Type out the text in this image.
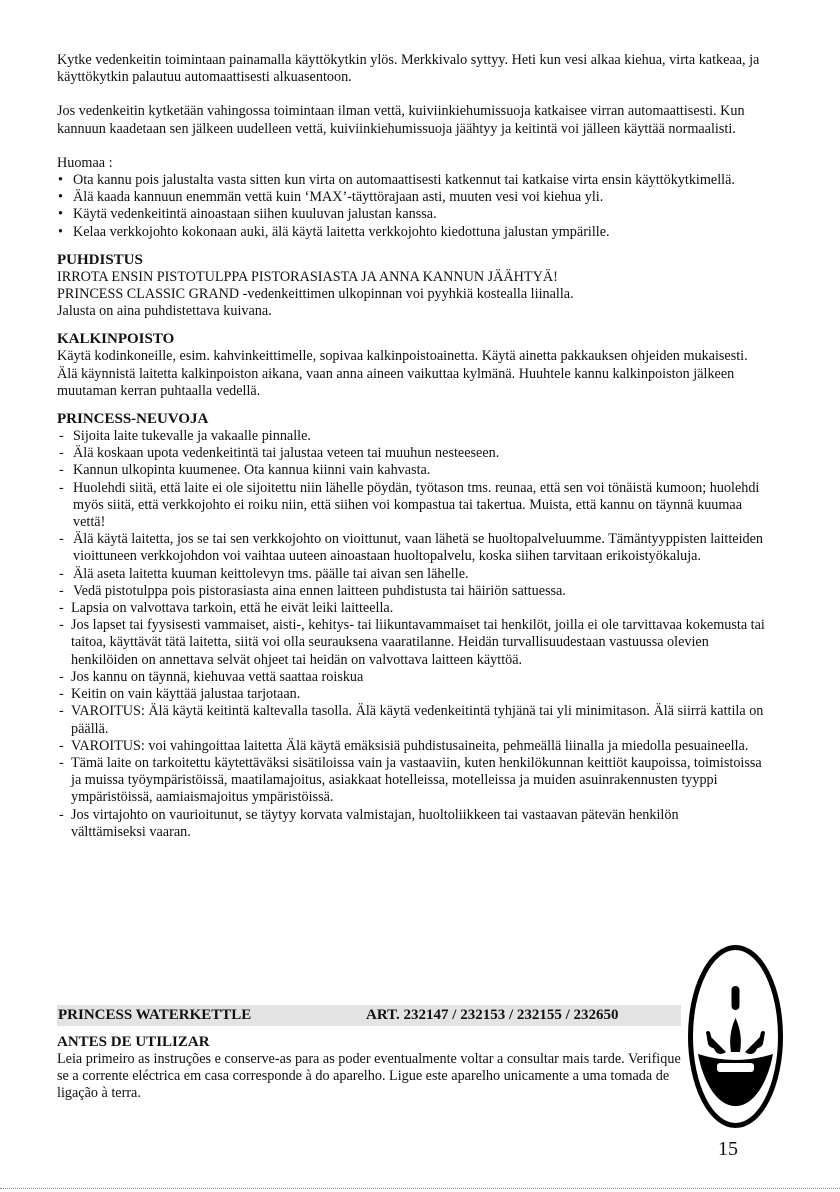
Kytke vedenkeitin toimintaan painamalla käyttökytkin ylös. Merkkivalo syttyy. Heti kun vesi alkaa kiehua, virta katkeaa, ja käyttökytkin palautuu automaattisesti alkuasentoon.

Jos vedenkeitin kytketään vahingossa toimintaan ilman vettä, kuiviinkiehumissuoja katkaisee virran automaattisesti. Kun kannuun kaadetaan sen jälkeen uudelleen vettä, kuiviinkiehumissuoja jäähtyy ja keitintä voi jälleen käyttää normaalisti.

Huomaa :

• Ota kannu pois jalustalta vasta sitten kun virta on automaattisesti katkennut tai katkaise virta ensin käyttökytkimellä.
• Älä kaada kannuun enemmän vettä kuin ‘MAX’-täyttörajaan asti, muuten vesi voi kiehua yli.
• Käytä vedenkeitintä ainoastaan siihen kuuluvan jalustan kanssa.
• Kelaa verkkojohto kokonaan auki, älä käytä laitetta verkkojohto kiedottuna jalustan ympärille.

PUHDISTUS

IRROTA ENSIN PISTOTULPPA PISTORASIASTA JA ANNA KANNUN JÄÄHTYÄ!

PRINCESS CLASSIC GRAND -vedenkeittimen ulkopinnan voi pyyhkiä kostealla liinalla.

Jalusta on aina puhdistettava kuivana.

KALKINPOISTO

Käytä kodinkoneille, esim. kahvinkeittimelle, sopivaa kalkinpoistoainetta. Käytä ainetta pakkauksen ohjeiden mukaisesti. Älä käynnistä laitetta kalkinpoiston aikana, vaan anna aineen vaikuttaa kylmänä. Huuhtele kannu kalkinpoiston jälkeen muutaman kerran puhtaalla vedellä.

PRINCESS-NEUVOJA

- Sijoita laite tukevalle ja vakaalle pinnalle.
- Älä koskaan upota vedenkeitintä tai jalustaa veteen tai muuhun nesteeseen.
- Kannun ulkopinta kuumenee. Ota kannua kiinni vain kahvasta.
- Huolehdi siitä, että laite ei ole sijoitettu niin lähelle pöydän, työtason tms. reunaa, että sen voi tönäistä kumoon; huolehdi myös siitä, että verkkojohto ei roiku niin, että siihen voi kompastua tai takertua. Muista, että kannu on täynnä kuumaa vettä!
- Älä käytä laitetta, jos se tai sen verkkojohto on vioittunut, vaan lähetä se huoltopalveluumme. Tämäntyyppisten laitteiden vioittuneen verkkojohdon voi vaihtaa uuteen ainoastaan huoltopalvelu, koska siihen tarvitaan erikoistyökaluja.
- Älä aseta laitetta kuuman keittolevyn tms. päälle tai aivan sen lähelle.
- Vedä pistotulppa pois pistorasiasta aina ennen laitteen puhdistusta tai häiriön sattuessa.
- Lapsia on valvottava tarkoin, että he eivät leiki laitteella.
- Jos lapset tai fyysisesti vammaiset, aisti-, kehitys- tai liikuntavammaiset tai henkilöt, joilla ei ole tarvittavaa kokemusta tai taitoa, käyttävät tätä laitetta, siitä voi olla seurauksena vaaratilanne. Heidän turvallisuudestaan vastuussa olevien henkilöiden on annettava selvät ohjeet tai heidän on valvottava laitteen käyttöä.
- Jos kannu on täynnä, kiehuvaa vettä saattaa roiskua
- Keitin on vain käyttää jalustaa tarjotaan.
- VAROITUS: Älä käytä keitintä kaltevalla tasolla. Älä käytä vedenkeitintä tyhjänä tai yli minimitason. Älä siirrä kattila on päällä.
- VAROITUS: voi vahingoittaa laitetta Älä käytä emäksisiä puhdistusaineita, pehmeällä liinalla ja miedolla pesuaineella.
- Tämä laite on tarkoitettu käytettäväksi sisätiloissa vain ja vastaaviin, kuten henkilökunnan keittiöt kaupoissa, toimistoissa ja muissa työympäristöissä, maatilamajoitus, asiakkaat hotelleissa, motelleissa ja muiden asuinrakennusten tyyppi ympäristöissä, aamiaismajoitus ympäristöissä.
- Jos virtajohto on vaurioitunut, se täytyy korvata valmistajan, huoltoliikkeen tai vastaavan pätevän henkilön välttämiseksi vaaran.
PRINCESS WATERKETTLE	ART. 232147 / 232153 / 232155 / 232650

ANTES DE UTILIZAR

Leia primeiro as instruções e conserve-as para as poder eventualmente voltar a consultar mais tarde. Verifique se a corrente eléctrica em casa corresponde à do aparelho. Ligue este aparelho unicamente a uma tomada de ligação à terra.

15
